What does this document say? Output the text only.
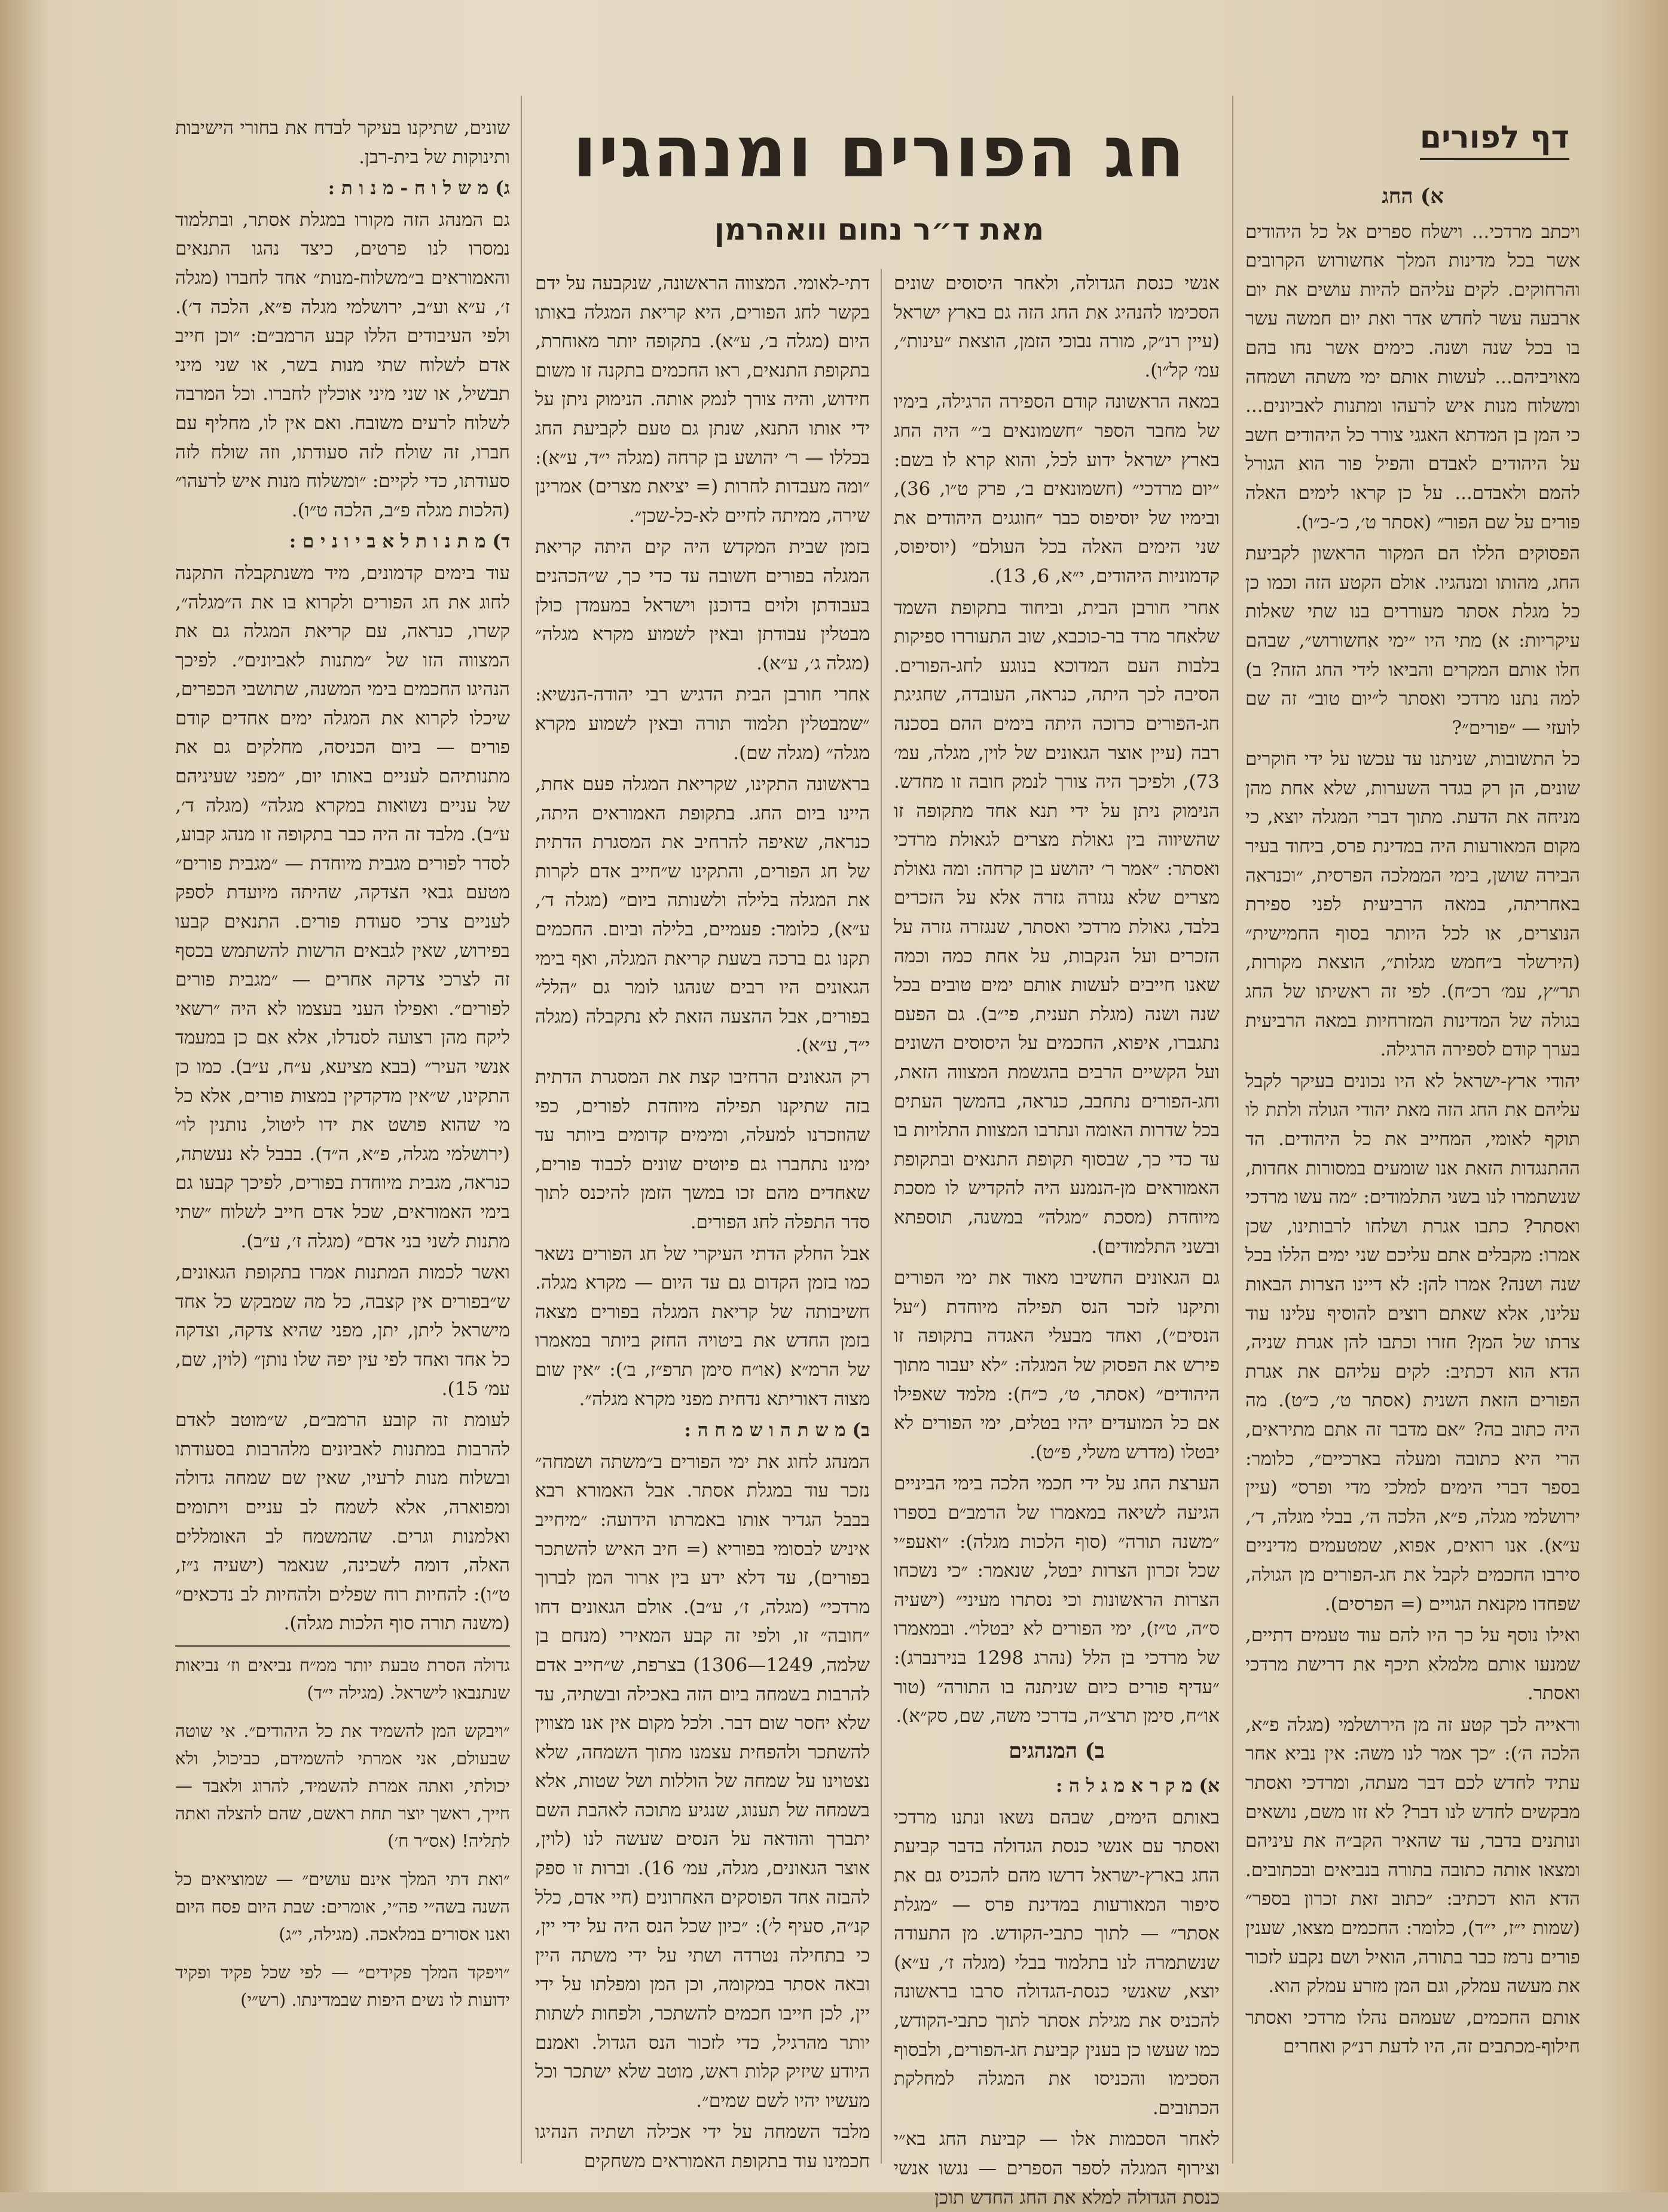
דף לפורים
א) החג

ויכתב מרדכי... וישלח ספרים אל כל היהודים אשר בכל מדינות המלך אחשורוש הקרובים והרחוקים. לקים עליהם להיות עושים את יום ארבעה עשר לחדש אדר ואת יום חמשה עשר בו בכל שנה ושנה. כימים אשר נחו בהם מאויביהם... לעשות אותם ימי משתה ושמחה ומשלוח מנות איש לרעהו ומתנות לאביונים... כי המן בן המדתא האגגי צורר כל היהודים חשב על היהודים לאבדם והפיל פור הוא הגורל להמם ולאבדם... על כן קראו לימים האלה פורים על שם הפור״ (אסתר ט׳, כ׳-כ״ו).

הפסוקים הללו הם המקור הראשון לקביעת החג, מהותו ומנהגיו. אולם הקטע הזה וכמו כן כל מגלת אסתר מעוררים בנו שתי שאלות עיקריות: א) מתי היו ״ימי אחשורוש״, שבהם חלו אותם המקרים והביאו לידי החג הזה? ב) למה נתנו מרדכי ואסתר ל״יום טוב״ זה שם לועזי — ״פורים״?

כל התשובות, שניתנו עד עכשו על ידי חוקרים שונים, הן רק בגדר השערות, שלא אחת מהן מניחה את הדעת. מתוך דברי המגלה יוצא, כי מקום המאורעות היה במדינת פרס, ביחוד בעיר הבירה שושן, בימי הממלכה הפרסית, ״וכנראה באחריתה, במאה הרביעית לפני ספירת הנוצרים, או לכל היותר בסוף החמישית״ (הירשלר ב״חמש מגלות״, הוצאת מקורות, תר״ץ, עמ׳ רכ״ח). לפי זה ראשיתו של החג בגולה של המדינות המזרחיות במאה הרביעית בערך קודם לספירה הרגילה.

יהודי ארץ-ישראל לא היו נכונים בעיקר לקבל עליהם את החג הזה מאת יהודי הגולה ולתת לו תוקף לאומי, המחייב את כל היהודים. הד ההתנגדות הזאת אנו שומעים במסורות אחדות, שנשתמרו לנו בשני התלמודים: ״מה עשו מרדכי ואסתר? כתבו אגרת ושלחו לרבותינו, שכן אמרו: מקבלים אתם עליכם שני ימים הללו בכל שנה ושנה? אמרו להן: לא דיינו הצרות הבאות עלינו, אלא שאתם רוצים להוסיף עלינו עוד צרתו של המן? חזרו וכתבו להן אגרת שניה, הדא הוא דכתיב: לקים עליהם את אגרת הפורים הזאת השנית (אסתר ט׳, כ״ט). מה היה כתוב בה? ״אם מדבר זה אתם מתיראים, הרי היא כתובה ומעלה בארכיים״, כלומר: בספר דברי הימים למלכי מדי ופרס״ (עיין ירושלמי מגלה, פ״א, הלכה ה׳, בבלי מגלה, ד׳, ע״א). אנו רואים, אפוא, שמטעמים מדיניים סירבו החכמים לקבל את חג-הפורים מן הגולה, שפחדו מקנאת הגויים (= הפרסים).

ואילו נוסף על כך היו להם עוד טעמים דתיים, שמנעו אותם מלמלא תיכף את דרישת מרדכי ואסתר.

וראייה לכך קטע זה מן הירושלמי (מגלה פ״א, הלכה ה׳): ״כך אמר לנו משה: אין נביא אחר עתיד לחדש לכם דבר מעתה, ומרדכי ואסתר מבקשים לחדש לנו דבר? לא זזו משם, נושאים ונותנים בדבר, עד שהאיר הקב״ה את עיניהם ומצאו אותה כתובה בתורה בנביאים ובכתובים. הדא הוא דכתיב: ״כתוב זאת זכרון בספר״ (שמות י״ז, י״ד), כלומר: החכמים מצאו, שענין פורים נרמז כבר בתורה, הואיל ושם נקבע לזכור את מעשה עמלק, וגם המן מזרע עמלק הוא.

אותם החכמים, שעמהם נהלו מרדכי ואסתר חילוף-מכתבים זה, היו לדעת רנ״ק ואחרים

חג הפורים ומנהגיו
מאת ד״ר נחום וואהרמן

אנשי כנסת הגדולה, ולאחר היסוסים שונים הסכימו להנהיג את החג הזה גם בארץ ישראל (עיין רנ״ק, מורה נבוכי הזמן, הוצאת ״עינות״, עמ׳ קל״ו).

במאה הראשונה קודם הספירה הרגילה, בימיו של מחבר הספר ״חשמונאים ב׳״ היה החג בארץ ישראל ידוע לכל, והוא קרא לו בשם: ״יום מרדכי״ (חשמונאים ב׳, פרק ט״ו, 36), ובימיו של יוסיפוס כבר ״חוגגים היהודים את שני הימים האלה בכל העולם״ (יוסיפוס, קדמוניות היהודים, י״א, 6, 13).

אחרי חורבן הבית, וביחוד בתקופת השמד שלאחר מרד בר-כוכבא, שוב התעוררו ספיקות בלבות העם המדוכא בנוגע לחג-הפורים. הסיבה לכך היתה, כנראה, העובדה, שחגיגת חג-הפורים כרוכה היתה בימים ההם בסכנה רבה (עיין אוצר הגאונים של לוין, מגלה, עמ׳ 73), ולפיכך היה צורך לנמק חובה זו מחדש. הנימוק ניתן על ידי תנא אחד מתקופה זו שהשיווה בין גאולת מצרים לגאולת מרדכי ואסתר: ״אמר ר׳ יהושע בן קרחה: ומה גאולת מצרים שלא נגזרה גזרה אלא על הזכרים בלבד, גאולת מרדכי ואסתר, שנגזרה גזרה על הזכרים ועל הנקבות, על אחת כמה וכמה שאנו חייבים לעשות אותם ימים טובים בכל שנה ושנה (מגלת תענית, פי״ב). גם הפעם נתגברו, איפוא, החכמים על היסוסים השונים ועל הקשיים הרבים בהגשמת המצווה הזאת, וחג-הפורים נתחבב, כנראה, בהמשך העתים בכל שדרות האומה ונתרבו המצוות התלויות בו עד כדי כך, שבסוף תקופת התנאים ובתקופת האמוראים מן-הנמנע היה להקדיש לו מסכת מיוחדת (מסכת ״מגלה״ במשנה, תוספתא ובשני התלמודים).

גם הגאונים החשיבו מאוד את ימי הפורים ותיקנו לזכר הנס תפילה מיוחדת (״על הנסים״), ואחד מבעלי האגדה בתקופה זו פירש את הפסוק של המגלה: ״לא יעבור מתוך היהודים״ (אסתר, ט׳, כ״ח): מלמד שאפילו אם כל המועדים יהיו בטלים, ימי הפורים לא יבטלו (מדרש משלי, פ״ט).

הערצת החג על ידי חכמי הלכה בימי הביניים הגיעה לשיאה במאמרו של הרמב״ם בספרו ״משנה תורה״ (סוף הלכות מגלה): ״ואעפ״י שכל זכרון הצרות יבטל, שנאמר: ״כי נשכחו הצרות הראשונות וכי נסתרו מעיני״ (ישעיה ס״ה, ט״ז), ימי הפורים לא יבטלו״. ובמאמרו של מרדכי בן הלל (נהרג 1298 בנירנברג): ״עדיף פורים כיום שניתנה בו התורה״ (טור או״ח, סימן תרצ״ה, בדרכי משה, שם, סק״א).

ב) המנהגים
א) מ ק ר א מ ג ל ה :

באותם הימים, שבהם נשאו ונתנו מרדכי ואסתר עם אנשי כנסת הגדולה בדבר קביעת החג בארץ-ישראל דרשו מהם להכניס גם את סיפור המאורעות במדינת פרס — ״מגלת אסתר״ — לתוך כתבי-הקודש. מן התעודה שנשתמרה לנו בתלמוד בבלי (מגלה ז׳, ע״א) יוצא, שאנשי כנסת-הגדולה סרבו בראשונה להכניס את מגילת אסתר לתוך כתבי-הקודש, כמו שעשו כן בענין קביעת חג-הפורים, ולבסוף הסכימו והכניסו את המגלה למחלקת הכתובים.

לאחר הסכמות אלו — קביעת החג בא״י וצירוף המגלה לספר הספרים — נגשו אנשי כנסת הגדולה למלא את החג החדש תוכן

דתי-לאומי. המצווה הראשונה, שנקבעה על ידם בקשר לחג הפורים, היא קריאת המגלה באותו היום (מגלה ב׳, ע״א). בתקופה יותר מאוחרת, בתקופת התנאים, ראו החכמים בתקנה זו משום חידוש, והיה צורך לנמק אותה. הנימוק ניתן על ידי אותו התנא, שנתן גם טעם לקביעת החג בכללו — ר׳ יהושע בן קרחה (מגלה י״ד, ע״א): ״ומה מעבדות לחרות (= יציאת מצרים) אמרינן שירה, ממיתה לחיים לא-כל-שכן״.

בזמן שבית המקדש היה קים היתה קריאת המגלה בפורים חשובה עד כדי כך, ש״הכהנים בעבודתן ולוים בדוכנן וישראל במעמדן כולן מבטלין עבודתן ובאין לשמוע מקרא מגלה״ (מגלה ג׳, ע״א).

אחרי חורבן הבית הדגיש רבי יהודה-הנשיא: ״שמבטלין תלמוד תורה ובאין לשמוע מקרא מגלה״ (מגלה שם).

בראשונה התקינו, שקריאת המגלה פעם אחת, היינו ביום החג. בתקופת האמוראים היתה, כנראה, שאיפה להרחיב את המסגרת הדתית של חג הפורים, והתקינו ש״חייב אדם לקרות את המגלה בלילה ולשנותה ביום״ (מגלה ד׳, ע״א), כלומר: פעמיים, בלילה וביום. החכמים תקנו גם ברכה בשעת קריאת המגלה, ואף בימי הגאונים היו רבים שנהגו לומר גם ״הלל״ בפורים, אבל ההצעה הזאת לא נתקבלה (מגלה י״ד, ע״א).

רק הגאונים הרחיבו קצת את המסגרת הדתית בזה שתיקנו תפילה מיוחדת לפורים, כפי שהוזכרנו למעלה, ומימים קדומים ביותר עד ימינו נתחברו גם פיוטים שונים לכבוד פורים, שאחדים מהם זכו במשך הזמן להיכנס לתוך סדר התפלה לחג הפורים.

אבל החלק הדתי העיקרי של חג הפורים נשאר כמו בזמן הקדום גם עד היום — מקרא מגלה. חשיבותה של קריאת המגלה בפורים מצאה בזמן החדש את ביטויה החזק ביותר במאמרו של הרמ״א (או״ח סימן תרפ״ז, ב׳): ״אין שום מצוה דאוריתא נדחית מפני מקרא מגלה״.

ב) מ ש ת ה ו ש מ ח ה :

המנהג לחוג את ימי הפורים ב״משתה ושמחה״ נזכר עוד במגלת אסתר. אבל האמורא רבא בבבל הגדיר אותו באמרתו הידועה: ״מיחייב איניש לבסומי בפוריא (= חיב האיש להשתכר בפורים), עד דלא ידע בין ארור המן לברוך מרדכי״ (מגלה, ז׳, ע״ב). אולם הגאונים דחו ״חובה״ זו, ולפי זה קבע המאירי (מנחם בן שלמה, 1249—1306) בצרפת, ש״חייב אדם להרבות בשמחה ביום הזה באכילה ובשתיה, עד שלא יחסר שום דבר. ולכל מקום אין אנו מצווין להשתכר ולהפחית עצמנו מתוך השמחה, שלא נצטוינו על שמחה של הוללות ושל שטות, אלא בשמחה של תענוג, שנגיע מתוכה לאהבת השם יתברך והודאה על הנסים שעשה לנו (לוין, אוצר הגאונים, מגלה, עמ׳ 16). וברות זו ספק להבזה אחד הפוסקים האחרונים (חיי אדם, כלל קנ״ה, סעיף ל׳): ״כיון שכל הנס היה על ידי יין, כי בתחילה נטרדה ושתי על ידי משתה היין ובאה אסתר במקומה, וכן המן ומפלתו על ידי יין, לכן חייבו חכמים להשתכר, ולפחות לשתות יותר מהרגיל, כדי לזכור הנס הגדול. ואמנם היודע שיזיק קלות ראש, מוטב שלא ישתכר וכל מעשיו יהיו לשם שמים״.

מלבד השמחה על ידי אכילה ושתיה הנהיגו חכמינו עוד בתקופת האמוראים משחקים

שונים, שתיקנו בעיקר לבדח את בחורי הישיבות ותינוקות של בית-רבן.

ג) מ ש ל ו ח - מ נ ו ת :

גם המנהג הזה מקורו במגלת אסתר, ובתלמוד נמסרו לנו פרטים, כיצד נהגו התנאים והאמוראים ב״משלוח-מנות״ אחד לחברו (מגלה ז׳, ע״א וע״ב, ירושלמי מגלה פ״א, הלכה ד׳). ולפי העיבודים הללו קבע הרמב״ם: ״וכן חייב אדם לשלוח שתי מנות בשר, או שני מיני תבשיל, או שני מיני אוכלין לחברו. וכל המרבה לשלוח לרעים משובח. ואם אין לו, מחליף עם חברו, זה שולח לזה סעודתו, וזה שולח לזה סעודתו, כדי לקיים: ״ומשלוח מנות איש לרעהו״ (הלכות מגלה פ״ב, הלכה ט״ו).

ד) מ ת נ ו ת ל א ב י ו נ י ם :

עוד בימים קדמונים, מיד משנתקבלה התקנה לחוג את חג הפורים ולקרוא בו את ה״מגלה״, קשרו, כנראה, עם קריאת המגלה גם את המצווה הזו של ״מתנות לאביונים״. לפיכך הנהיגו החכמים בימי המשנה, שתושבי הכפרים, שיכלו לקרוא את המגלה ימים אחדים קודם פורים — ביום הכניסה, מחלקים גם את מתנותיהם לעניים באותו יום, ״מפני שעיניהם של עניים נשואות במקרא מגלה״ (מגלה ד׳, ע״ב). מלבד זה היה כבר בתקופה זו מנהג קבוע, לסדר לפורים מגבית מיוחדת — ״מגבית פורים״ מטעם גבאי הצדקה, שהיתה מיועדת לספק לעניים צרכי סעודת פורים. התנאים קבעו בפירוש, שאין לגבאים הרשות להשתמש בכסף זה לצרכי צדקה אחרים — ״מגבית פורים לפורים״. ואפילו העני בעצמו לא היה ״רשאי ליקח מהן רצועה לסנדלו, אלא אם כן במעמד אנשי העיר״ (בבא מציעא, ע״ח, ע״ב). כמו כן התקינו, ש״אין מדקדקין במצות פורים, אלא כל מי שהוא פושט את ידו ליטול, נותנין לו״ (ירושלמי מגלה, פ״א, ה״ד). בבבל לא נעשתה, כנראה, מגבית מיוחדת בפורים, לפיכך קבעו גם בימי האמוראים, שכל אדם חייב לשלוח ״שתי מתנות לשני בני אדם״ (מגלה ז׳, ע״ב).

ואשר לכמות המתנות אמרו בתקופת הגאונים, ש״בפורים אין קצבה, כל מה שמבקש כל אחד מישראל ליתן, יתן, מפני שהיא צדקה, וצדקה כל אחד ואחד לפי עין יפה שלו נותן״ (לוין, שם, עמ׳ 15).

לעומת זה קובע הרמב״ם, ש״מוטב לאדם להרבות במתנות לאביונים מלהרבות בסעודתו ובשלוח מנות לרעיו, שאין שם שמחה גדולה ומפוארה, אלא לשמח לב עניים ויתומים ואלמנות וגרים. שהמשמח לב האומללים האלה, דומה לשכינה, שנאמר (ישעיה נ״ז, ט״ו): להחיות רוח שפלים ולהחיות לב נדכאים״ (משנה תורה סוף הלכות מגלה).

גדולה הסרת טבעת יותר ממ״ח נביאים וז׳ נביאות שנתנבאו לישראל. (מגילה י״ד)

״ויבקש המן להשמיד את כל היהודים״. אי שוטה שבעולם, אני אמרתי להשמידם, כביכול, ולא יכולתי, ואתה אמרת להשמיד, להרוג ולאבד — חייך, ראשך יוצר תחת ראשם, שהם להצלה ואתה לתליה! (אס״ר ח׳)

״ואת דתי המלך אינם עושים״ — שמוציאים כל השנה בשה״י פה״י, אומרים: שבת היום פסח היום ואנו אסורים במלאכה. (מגילה, י״ג)

״ויפקד המלך פקידים״ — לפי שכל פקיד ופקיד ידועות לו נשים היפות שבמדינתו. (רש״י)
